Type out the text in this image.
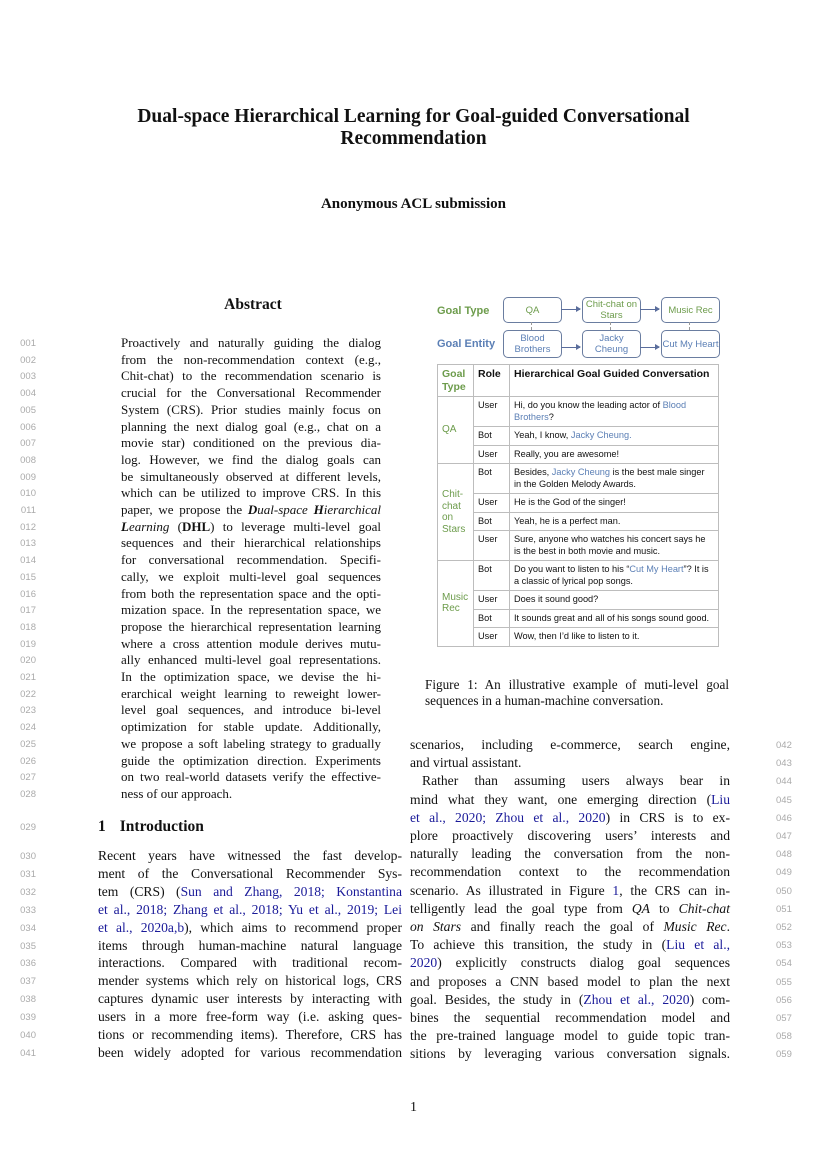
Dual-space Hierarchical Learning for Goal-guided Conversational
Recommendation
Anonymous ACL submission
Abstract
001	Proactively and naturally guiding the dialog
002	from the non-recommendation context (e.g.,
003	Chit-chat) to the recommendation scenario is
004	crucial for the Conversational Recommender
005	System (CRS). Prior studies mainly focus on
006	planning the next dialog goal (e.g., chat on a
007	movie star) conditioned on the previous dia-
008	log. However, we find the dialog goals can
009	be simultaneously observed at different levels,
010	which can be utilized to improve CRS. In this
011	paper, we propose the Dual-space Hierarchical
012	Learning (DHL) to leverage multi-level goal
013	sequences and their hierarchical relationships
014	for conversational recommendation. Specifi-
015	cally, we exploit multi-level goal sequences
016	from both the representation space and the opti-
017	mization space. In the representation space, we
018	propose the hierarchical representation learning
019	where a cross attention module derives mutu-
020	ally enhanced multi-level goal representations.
021	In the optimization space, we devise the hi-
022	erarchical weight learning to reweight lower-
023	level goal sequences, and introduce bi-level
024	optimization for stable update. Additionally,
025	we propose a soft labeling strategy to gradually
026	guide the optimization direction. Experiments
027	on two real-world datasets verify the effective-
028	ness of our approach.
029	1 Introduction
030	Recent years have witnessed the fast develop-
031	ment of the Conversational Recommender Sys-
032	tem (CRS) (Sun and Zhang, 2018; Konstantina
033	et al., 2018; Zhang et al., 2018; Yu et al., 2019; Lei
034	et al., 2020a,b), which aims to recommend proper
035	items through human-machine natural language
036	interactions. Compared with traditional recom-
037	mender systems which rely on historical logs, CRS
038	captures dynamic user interests by interacting with
039	users in a more free-form way (i.e. asking ques-
040	tions or recommending items). Therefore, CRS has
041	been widely adopted for various recommendation
Goal Type
Goal Entity
QA	Chit-chat on Stars	Music Rec
Blood Brothers
Jacky Cheung	Cut My Heart
Goal Type	Role	Hierarchical Goal Guided Conversation
QA	User	Hi, do you know the leading actor of Blood Brothers?
	Bot	Yeah, I know, Jacky Cheung.
	User	Really, you are awesome!
Chit-chat on Stars	Bot	Besides, Jacky Cheung is the best male singer in the Golden Melody Awards.
	User	He is the God of the singer!
	Bot	Yeah, he is a perfect man.
	User	Sure, anyone who watches his concert says he is the best in both movie and music.
Music Rec	Bot	Do you want to listen to his “Cut My Heart”? It is a classic of lyrical pop songs.
	User	Does it sound good?
	Bot	It sounds great and all of his songs sound good.
	User	Wow, then I’d like to listen to it.
Figure 1: An illustrative example of muti-level goal
sequences in a human-machine conversation.
042
scenarios, including e-commerce, search engine,
043
and virtual assistant.
044
Rather than assuming users always bear in
045
mind what they want, one emerging direction (Liu
046
et al., 2020; Zhou et al., 2020) in CRS is to ex-
047
plore proactively discovering users’ interests and
048
naturally leading the conversation from the non-
049
recommendation context to the recommendation
050
scenario. As illustrated in Figure 1, the CRS can in-
051
telligently lead the goal type from QA to Chit-chat
052
on Stars and finally reach the goal of Music Rec.
053
To achieve this transition, the study in (Liu et al.,
054
2020) explicitly constructs dialog goal sequences
055
and proposes a CNN based model to plan the next
056
goal. Besides, the study in (Zhou et al., 2020) com-
057
bines the sequential recommendation model and
058
the pre-trained language model to guide topic tran-
059
sitions by leveraging various conversation signals.
1
